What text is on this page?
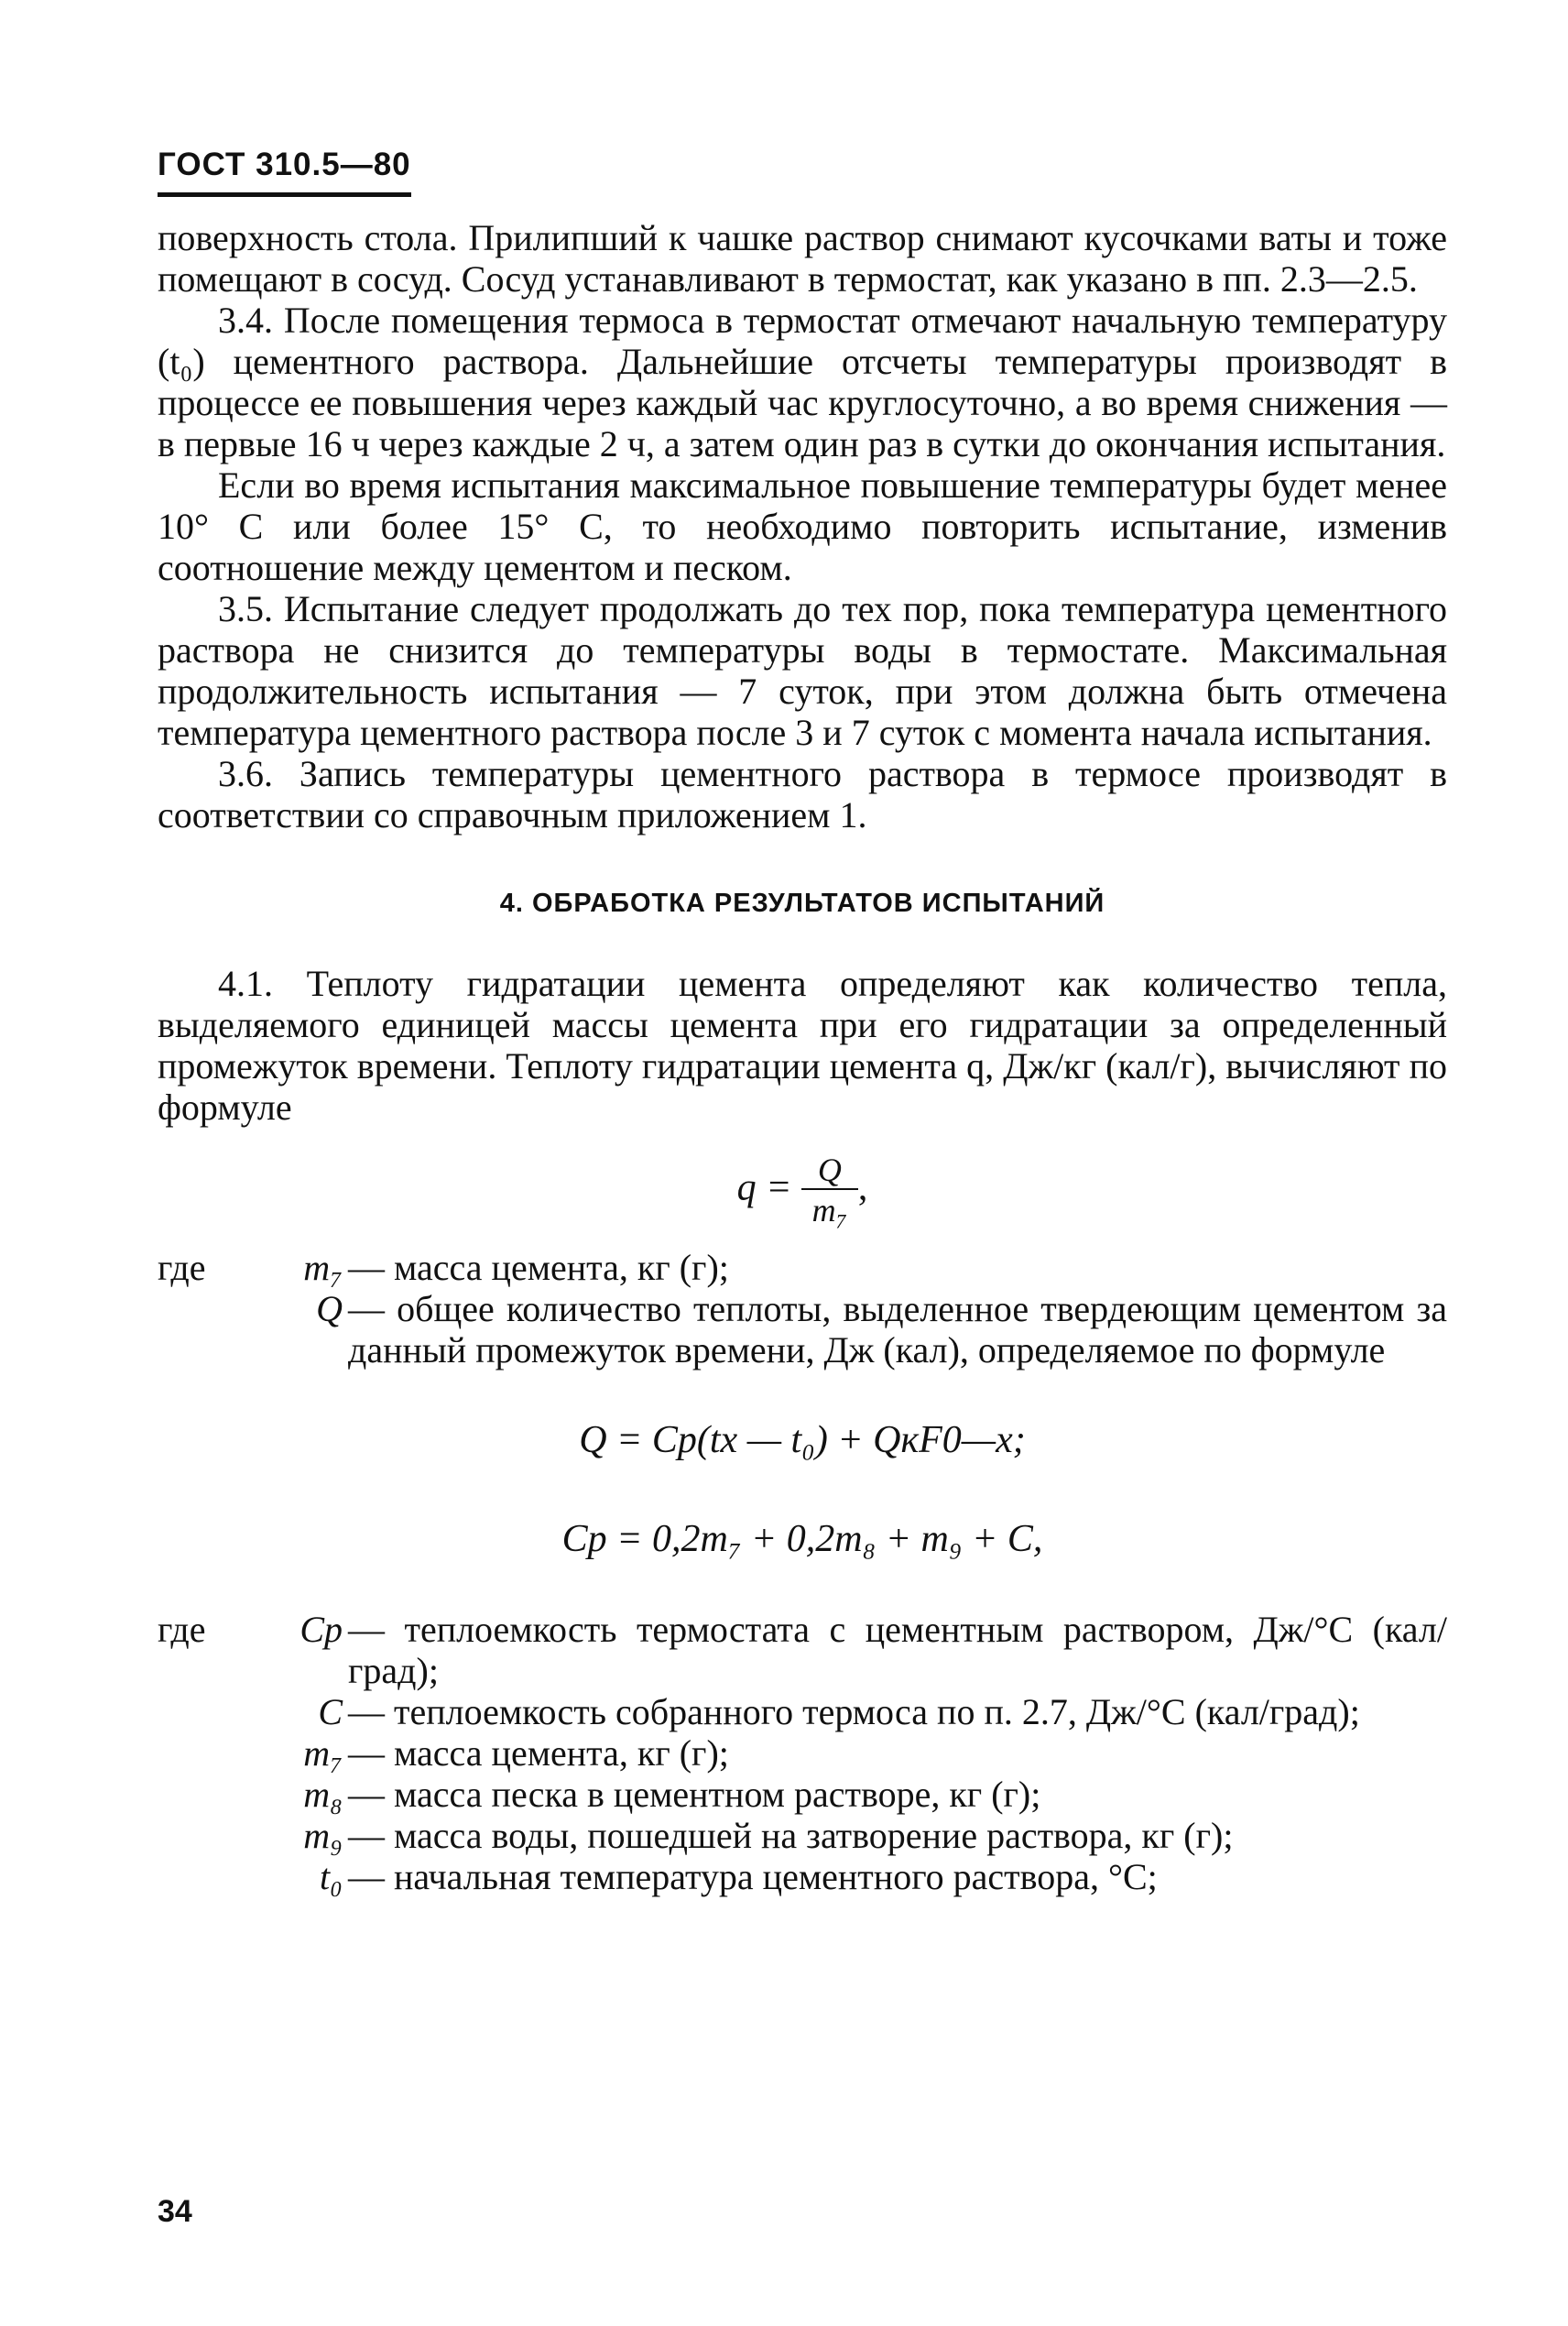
ГОСТ 310.5—80

поверхность стола. Прилипший к чашке раствор снимают кусочками ваты и тоже помещают в сосуд. Сосуд устанавливают в термостат, как указано в пп. 2.3—2.5.

3.4. После помещения термоса в термостат отмечают начальную температуру (t₀) цементного раствора. Дальнейшие отсчеты температуры производят в процессе ее повышения через каждый час круглосуточно, а во время снижения — в первые 16 ч через каждые 2 ч, а затем один раз в сутки до окончания испытания.

Если во время испытания максимальное повышение температуры будет менее 10° С или более 15° С, то необходимо повторить испытание, изменив соотношение между цементом и песком.

3.5. Испытание следует продолжать до тех пор, пока температура цементного раствора не снизится до температуры воды в термостате. Максимальная продолжительность испытания — 7 суток, при этом должна быть отмечена температура цементного раствора после 3 и 7 суток с момента начала испытания.

3.6. Запись температуры цементного раствора в термосе производят в соответствии со справочным приложением 1.

4. ОБРАБОТКА РЕЗУЛЬТАТОВ ИСПЫТАНИЙ

4.1. Теплоту гидратации цемента определяют как количество тепла, выделяемого единицей массы цемента при его гидратации за определенный промежуток времени. Теплоту гидратации цемента q, Дж/кг (кал/г), вычисляют по формуле

$q = \frac{Q}{\text{m₇}}$ ,
где	m₇ — масса цемента, кг (г);
Q — общее количество теплоты, выделенное твердеющим цементом за данный промежуток времени, Дж (кал), определяемое по формуле
Q = Cp(tx — t₀) + QкF0—x;
Cp = 0,2m₇ + 0,2m₈ + m₉ + C,
где	Cp — теплоемкость термостата с цементным раствором, Дж/°С (кал/град);
C — теплоемкость собранного термоса по п. 2.7, Дж/°С (кал/град);
m₇ — масса цемента, кг (г);
m₈ — масса песка в цементном растворе, кг (г);
m₉ — масса воды, пошедшей на затворение раствора, кг (г);
t₀ — начальная температура цементного раствора, °С;
34
